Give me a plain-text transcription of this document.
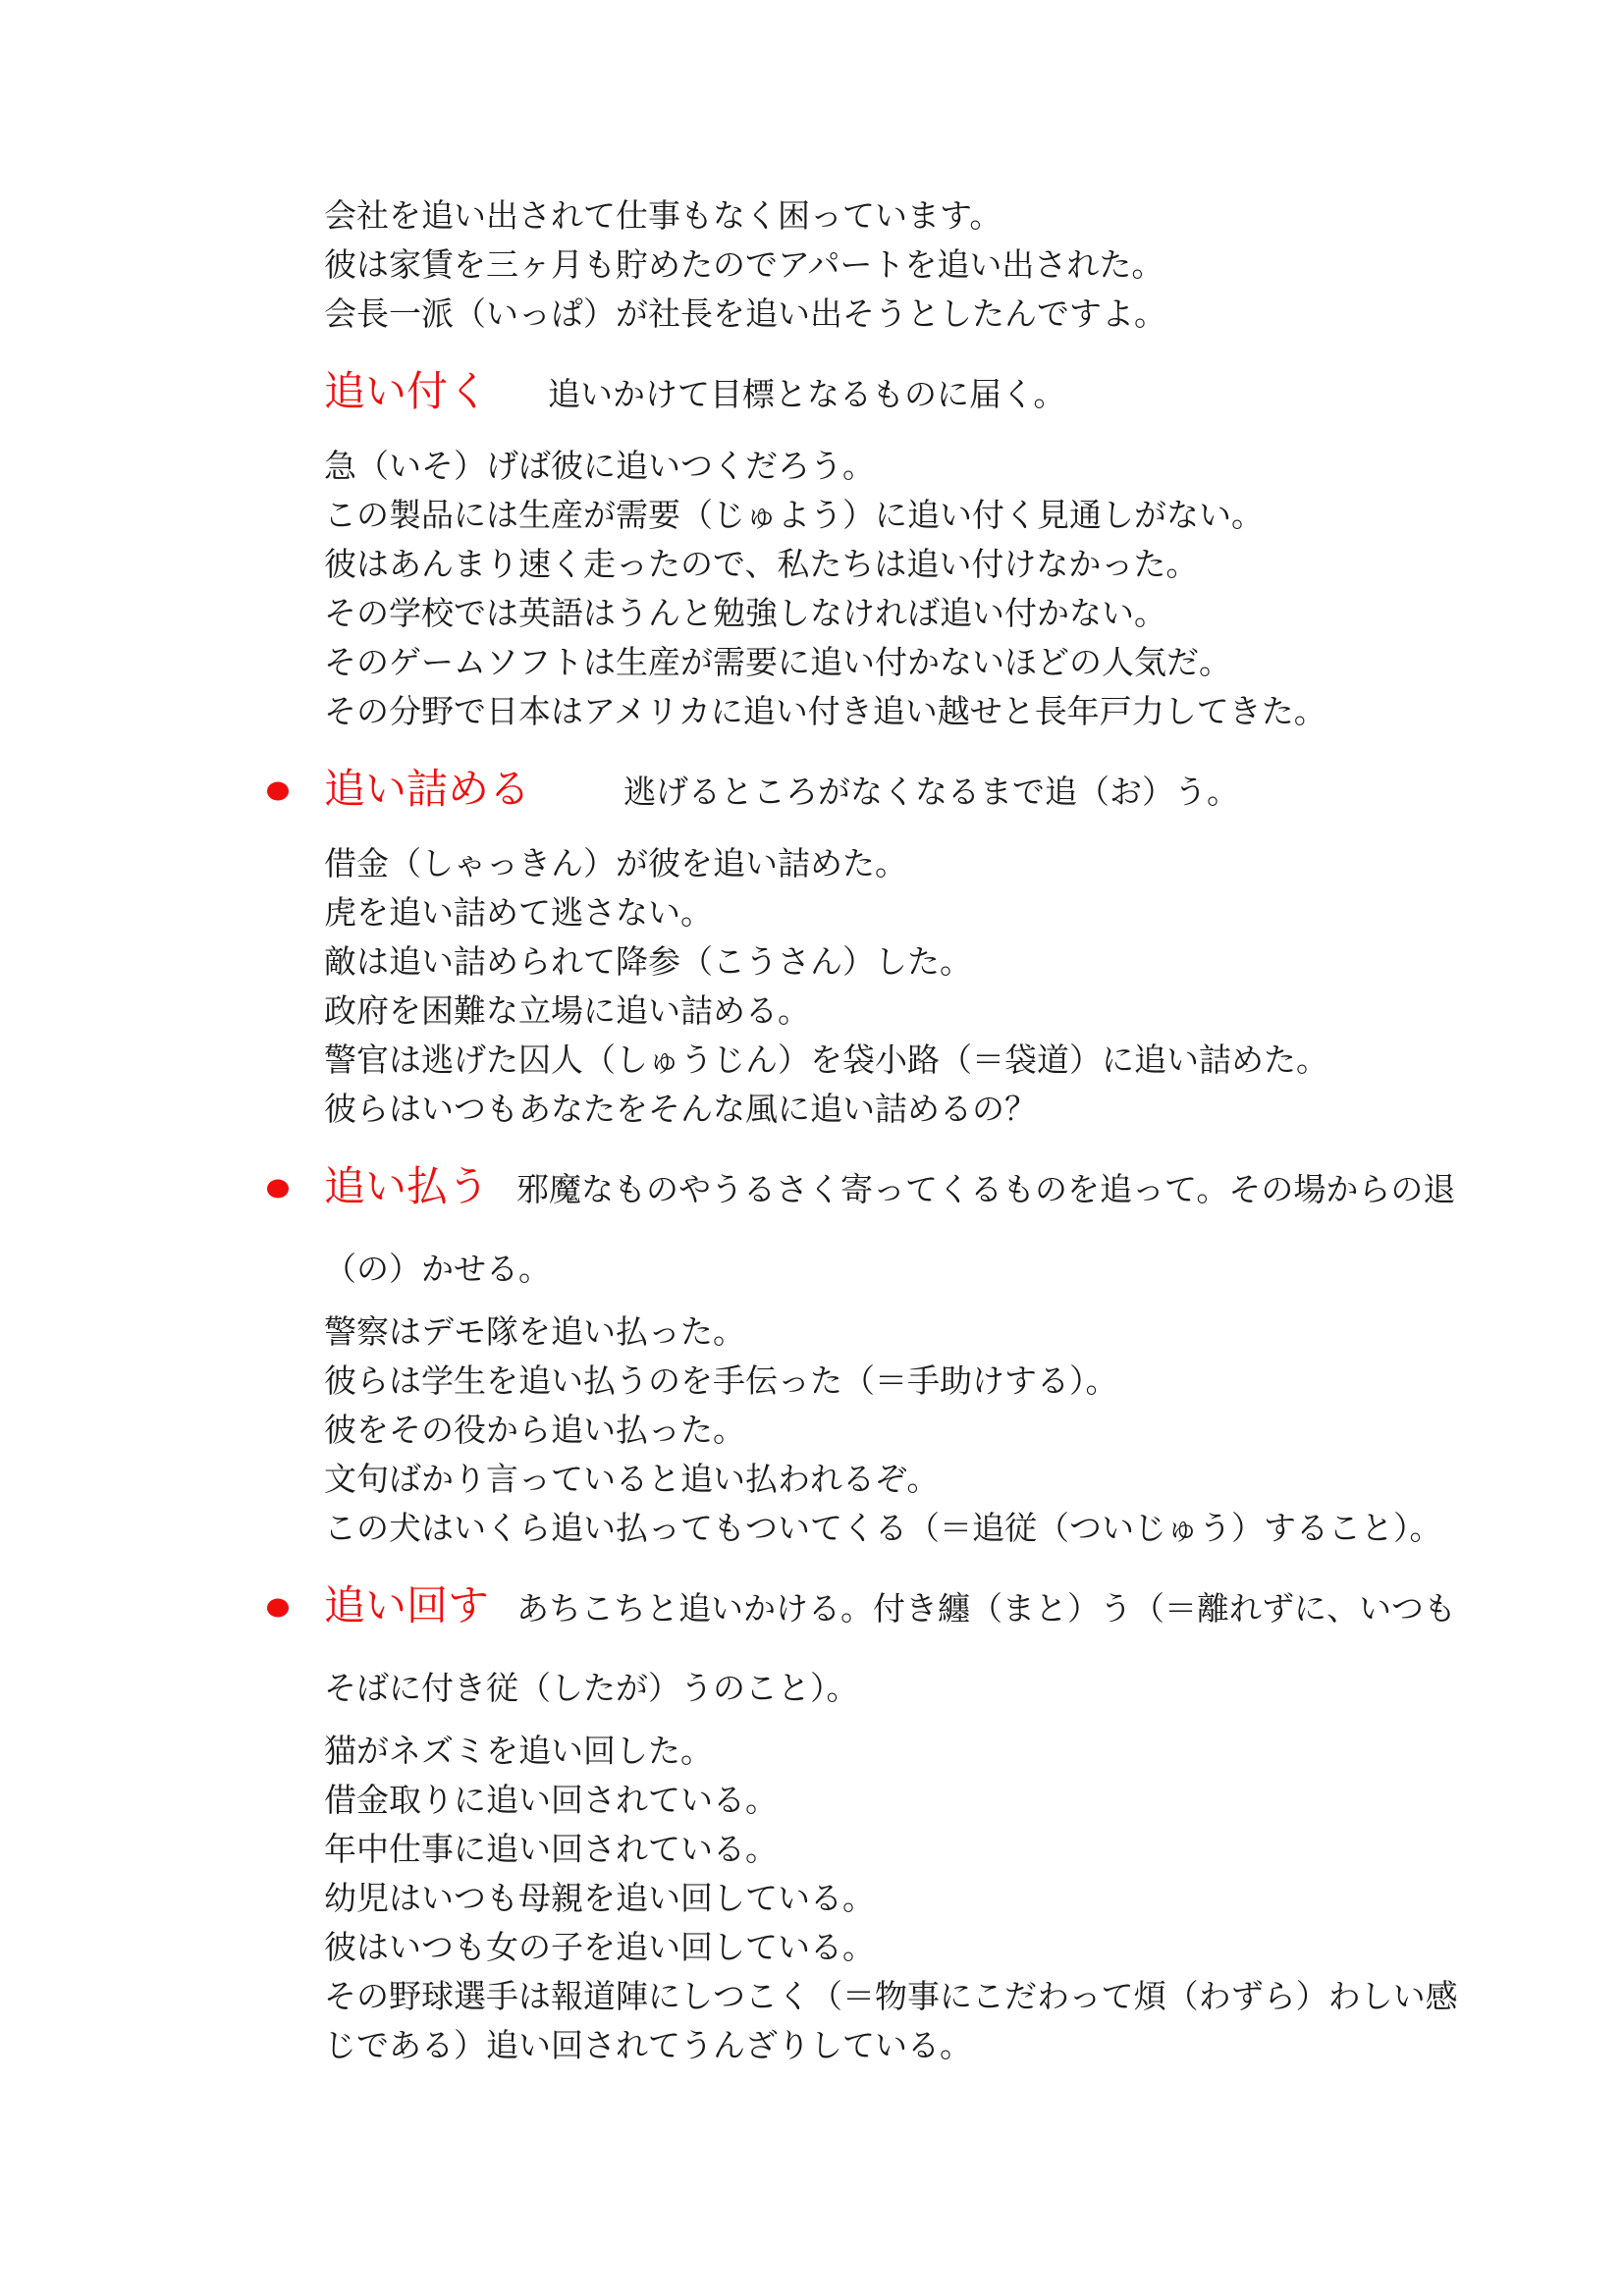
会社を追い出されて仕事もなく困っています。
彼は家賃を三ヶ月も貯めたのでアパートを追い出された。
会長一派（いっぱ）が社長を追い出そうとしたんですよ。
追い付く 追いかけて目標となるものに届く。
急（いそ）げば彼に追いつくだろう。
この製品には生産が需要（じゅよう）に追い付く見通しがない。
彼はあんまり速く走ったので、私たちは追い付けなかった。
その学校では英語はうんと勉強しなければ追い付かない。
そのゲームソフトは生産が需要に追い付かないほどの人気だ。
その分野で日本はアメリカに追い付き追い越せと長年戸力してきた。
追い詰める	逃げるところがなくなるまで追（お）う。
借金（しゃっきん）が彼を追い詰めた。
虎を追い詰めて逃さない。
敵は追い詰められて降参（こうさん）した。
政府を困難な立場に追い詰める。
警官は逃げた囚人（しゅうじん）を袋小路（＝袋道）に追い詰めた。
彼らはいつもあなたをそんな風に追い詰めるの？
追い払う 邪魔なものやうるさく寄ってくるものを追って。その場からの退
（の）かせる。
警察はデモ隊を追い払った。
彼らは学生を追い払うのを手伝った（＝手助けする）。
彼をその役から追い払った。
文句ばかり言っていると追い払われるぞ。
この犬はいくら追い払ってもついてくる（＝追従（ついじゅう）すること）。
追い回す あちこちと追いかける。付き纏（まと）う（＝離れずに、いつも
そばに付き従（したが）うのこと）。
猫がネズミを追い回した。
借金取りに追い回されている。
年中仕事に追い回されている。
幼児はいつも母親を追い回している。
彼はいつも女の子を追い回している。
その野球選手は報道陣にしつこく（＝物事にこだわって煩（わずら）わしい感
じである）追い回されてうんざりしている。
